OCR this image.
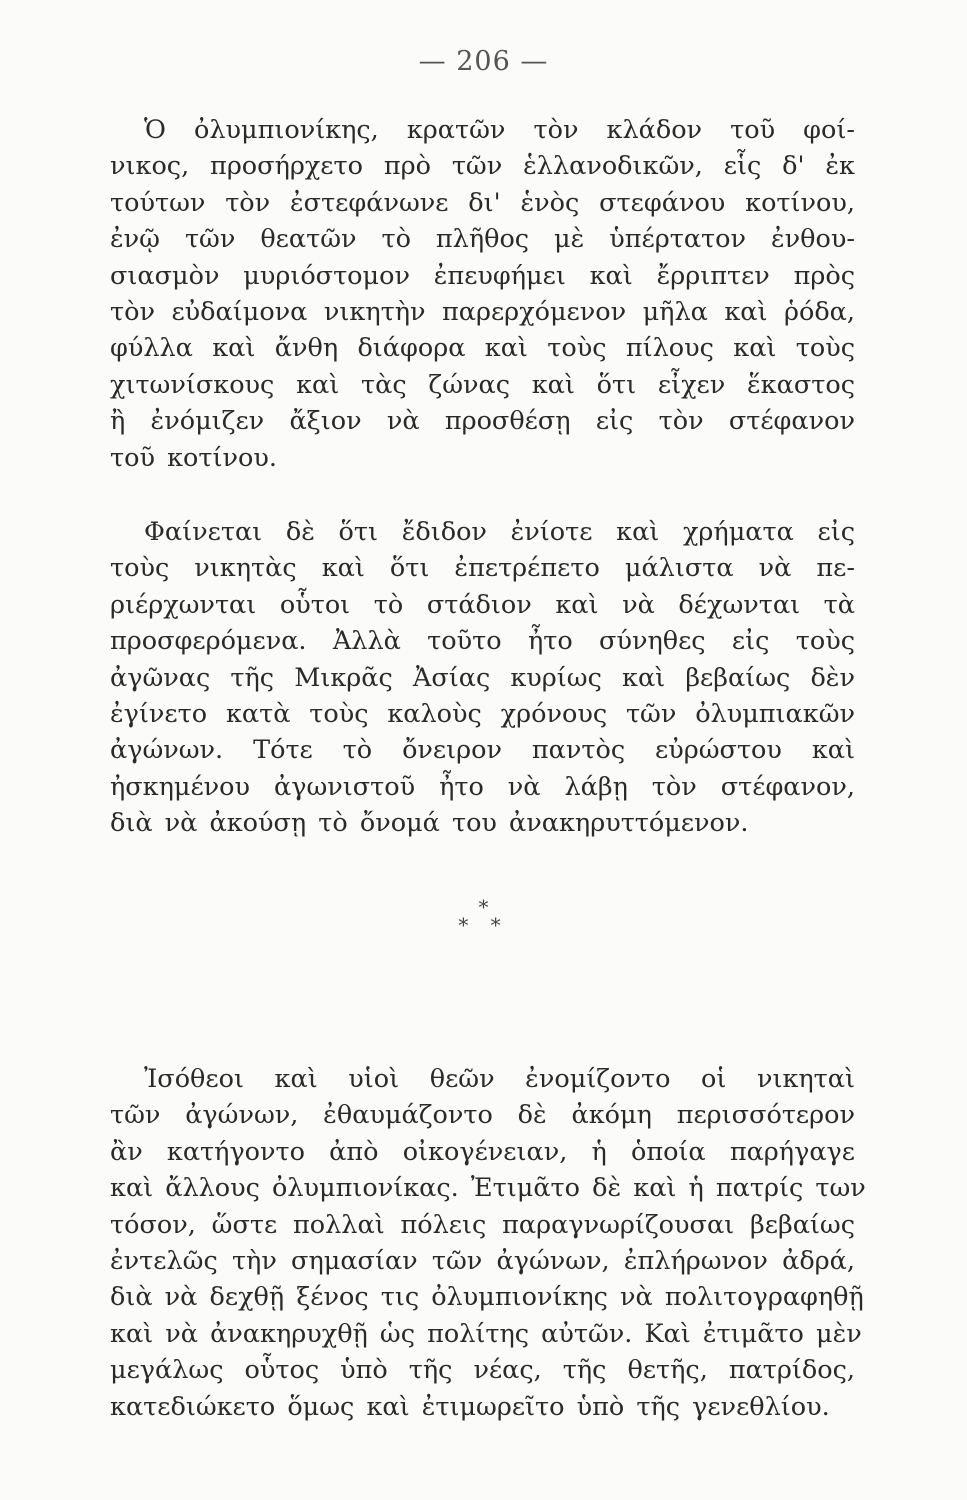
— 206 —
Ὁ ὀλυμπιονίκης, κρατῶν τὸν κλάδον τοῦ φοί-
νικος, προσήρχετο πρὸ τῶν ἑλλανοδικῶν, εἷς δ' ἐκ
τούτων τὸν ἐστεφάνωνε δι' ἑνὸς στεφάνου κοτίνου,
ἐνῷ τῶν θεατῶν τὸ πλῆθος μὲ ὑπέρτατον ἐνθου-
σιασμὸν μυριόστομον ἐπευφήμει καὶ ἔρριπτεν πρὸς
τὸν εὐδαίμονα νικητὴν παρερχόμενον μῆλα καὶ ῥόδα,
φύλλα καὶ ἄνθη διάφορα καὶ τοὺς πίλους καὶ τοὺς
χιτωνίσκους καὶ τὰς ζώνας καὶ ὅτι εἶχεν ἕκαστος
ἢ ἐνόμιζεν ἄξιον νὰ προσθέσῃ εἰς τὸν στέφανον
τοῦ κοτίνου.
Φαίνεται δὲ ὅτι ἔδιδον ἐνίοτε καὶ χρήματα εἰς
τοὺς νικητὰς καὶ ὅτι ἐπετρέπετο μάλιστα νὰ πε-
ριέρχωνται οὗτοι τὸ στάδιον καὶ νὰ δέχωνται τὰ
προσφερόμενα. Ἀλλὰ τοῦτο ἦτο σύνηθες εἰς τοὺς
ἀγῶνας τῆς Μικρᾶς Ἀσίας κυρίως καὶ βεβαίως δὲν
ἐγίνετο κατὰ τοὺς καλοὺς χρόνους τῶν ὀλυμπιακῶν
ἀγώνων. Τότε τὸ ὄνειρον παντὸς εὐρώστου καὶ
ἠσκημένου ἀγωνιστοῦ ἦτο νὰ λάβῃ τὸν στέφανον,
διὰ νὰ ἀκούσῃ τὸ ὄνομά του ἀνακηρυττόμενον.
*
* *
Ἰσόθεοι καὶ υἱοὶ θεῶν ἐνομίζοντο οἱ νικηταὶ
τῶν ἀγώνων, ἐθαυμάζοντο δὲ ἀκόμη περισσότερον
ἂν κατήγοντο ἀπὸ οἰκογένειαν, ἡ ὁποία παρήγαγε
καὶ ἄλλους ὀλυμπιονίκας. Ἐτιμᾶτο δὲ καὶ ἡ πατρίς των
τόσον, ὥστε πολλαὶ πόλεις παραγνωρίζουσαι βεβαίως
ἐντελῶς τὴν σημασίαν τῶν ἀγώνων, ἐπλήρωνον ἀδρά,
διὰ νὰ δεχθῇ ξένος τις ὀλυμπιονίκης νὰ πολιτογραφηθῇ
καὶ νὰ ἀνακηρυχθῇ ὡς πολίτης αὐτῶν. Καὶ ἐτιμᾶτο μὲν
μεγάλως οὗτος ὑπὸ τῆς νέας, τῆς θετῆς, πατρίδος,
κατεδιώκετο ὅμως καὶ ἐτιμωρεῖτο ὑπὸ τῆς γενεθλίου.
